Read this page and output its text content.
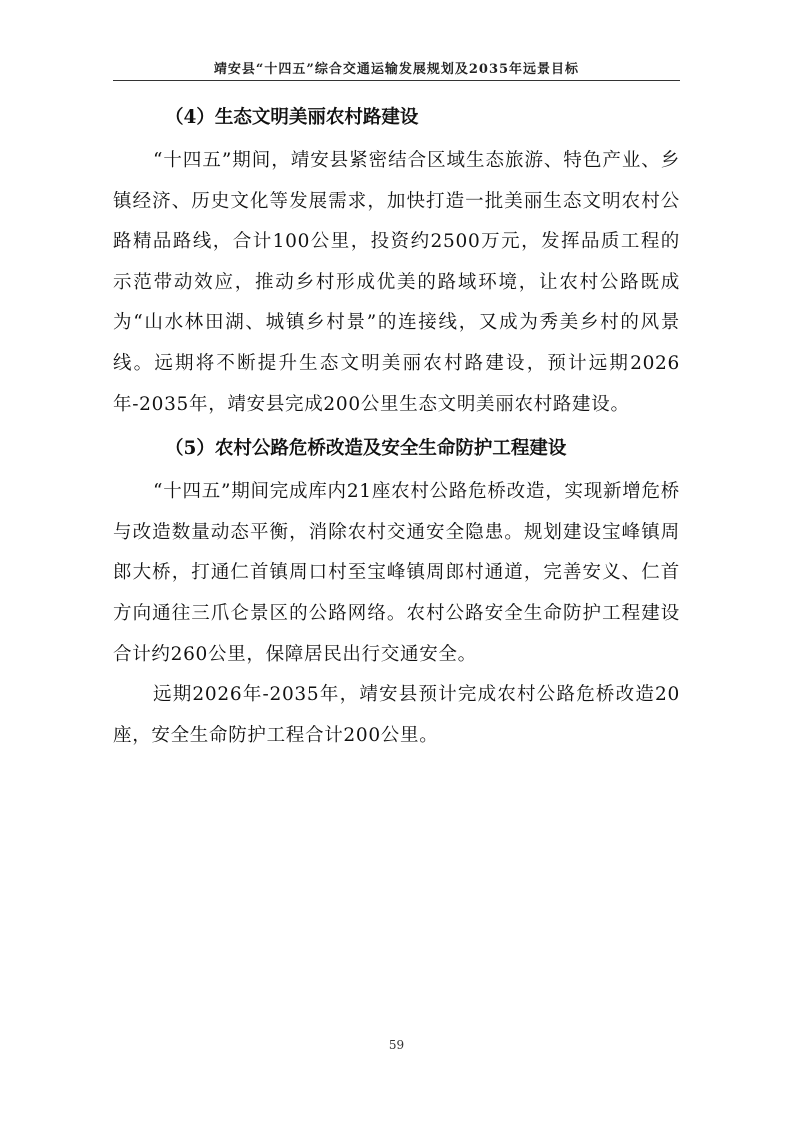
靖安县“十四五”综合交通运输发展规划及2035年远景目标
（4）生态文明美丽农村路建设

“十四五”期间，靖安县紧密结合区域生态旅游、特色产业、乡镇经济、历史文化等发展需求，加快打造一批美丽生态文明农村公路精品路线，合计100公里，投资约2500万元，发挥品质工程的示范带动效应，推动乡村形成优美的路域环境，让农村公路既成为“山水林田湖、城镇乡村景”的连接线，又成为秀美乡村的风景线。远期将不断提升生态文明美丽农村路建设，预计远期2026年-2035年，靖安县完成200公里生态文明美丽农村路建设。

（5）农村公路危桥改造及安全生命防护工程建设

“十四五”期间完成库内21座农村公路危桥改造，实现新增危桥与改造数量动态平衡，消除农村交通安全隐患。规划建设宝峰镇周郎大桥，打通仁首镇周口村至宝峰镇周郎村通道，完善安义、仁首方向通往三爪仑景区的公路网络。农村公路安全生命防护工程建设合计约260公里，保障居民出行交通安全。

远期2026年-2035年，靖安县预计完成农村公路危桥改造20座，安全生命防护工程合计200公里。

59
